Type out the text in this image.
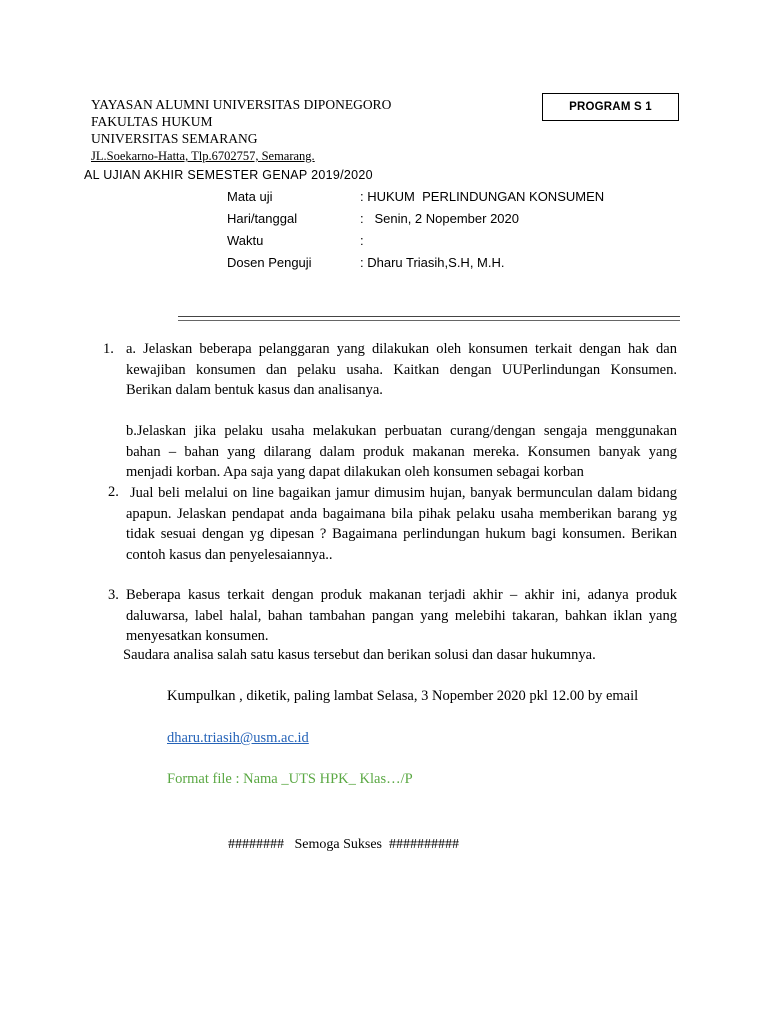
YAYASAN ALUMNI UNIVERSITAS DIPONEGORO
FAKULTAS HUKUM
UNIVERSITAS SEMARANG
JL.Soekarno-Hatta, Tlp.6702757, Semarang.
PROGRAM S 1
AL UJIAN AKHIR SEMESTER GENAP 2019/2020
Mata uji	: HUKUM  PERLINDUNGAN KONSUMEN
Hari/tanggal	:   Senin, 2 Nopember 2020
Waktu	:
Dosen Penguji	: Dharu Triasih,S.H, M.H.
1. a. Jelaskan beberapa pelanggaran yang dilakukan oleh konsumen terkait dengan hak dan
kewajiban konsumen dan pelaku usaha. Kaitkan dengan UUPerlindungan Konsumen.
Berikan dalam bentuk kasus dan analisanya.
b.Jelaskan jika pelaku usaha melakukan perbuatan curang/dengan sengaja menggunakan
bahan – bahan yang dilarang dalam produk makanan mereka. Konsumen banyak yang
menjadi korban. Apa saja yang dapat dilakukan oleh konsumen sebagai korban
2. Jual beli melalui on line bagaikan jamur dimusim hujan, banyak bermunculan dalam bidang
apapun. Jelaskan pendapat anda bagaimana bila pihak pelaku usaha memberikan barang yg
tidak sesuai dengan yg dipesan ? Bagaimana perlindungan hukum bagi konsumen. Berikan
contoh kasus dan penyelesaiannya..
3. Beberapa kasus terkait dengan produk makanan terjadi akhir – akhir ini, adanya produk
daluwarsa, label halal, bahan tambahan pangan yang melebihi takaran, bahkan iklan yang
menyesatkan konsumen.
Saudara analisa salah satu kasus tersebut dan berikan solusi dan dasar hukumnya.
Kumpulkan , diketik, paling lambat Selasa, 3 Nopember 2020 pkl 12.00 by email
dharu.triasih@usm.ac.id
Format file : Nama _UTS HPK_ Klas…/P
########   Semoga Sukses  ##########
